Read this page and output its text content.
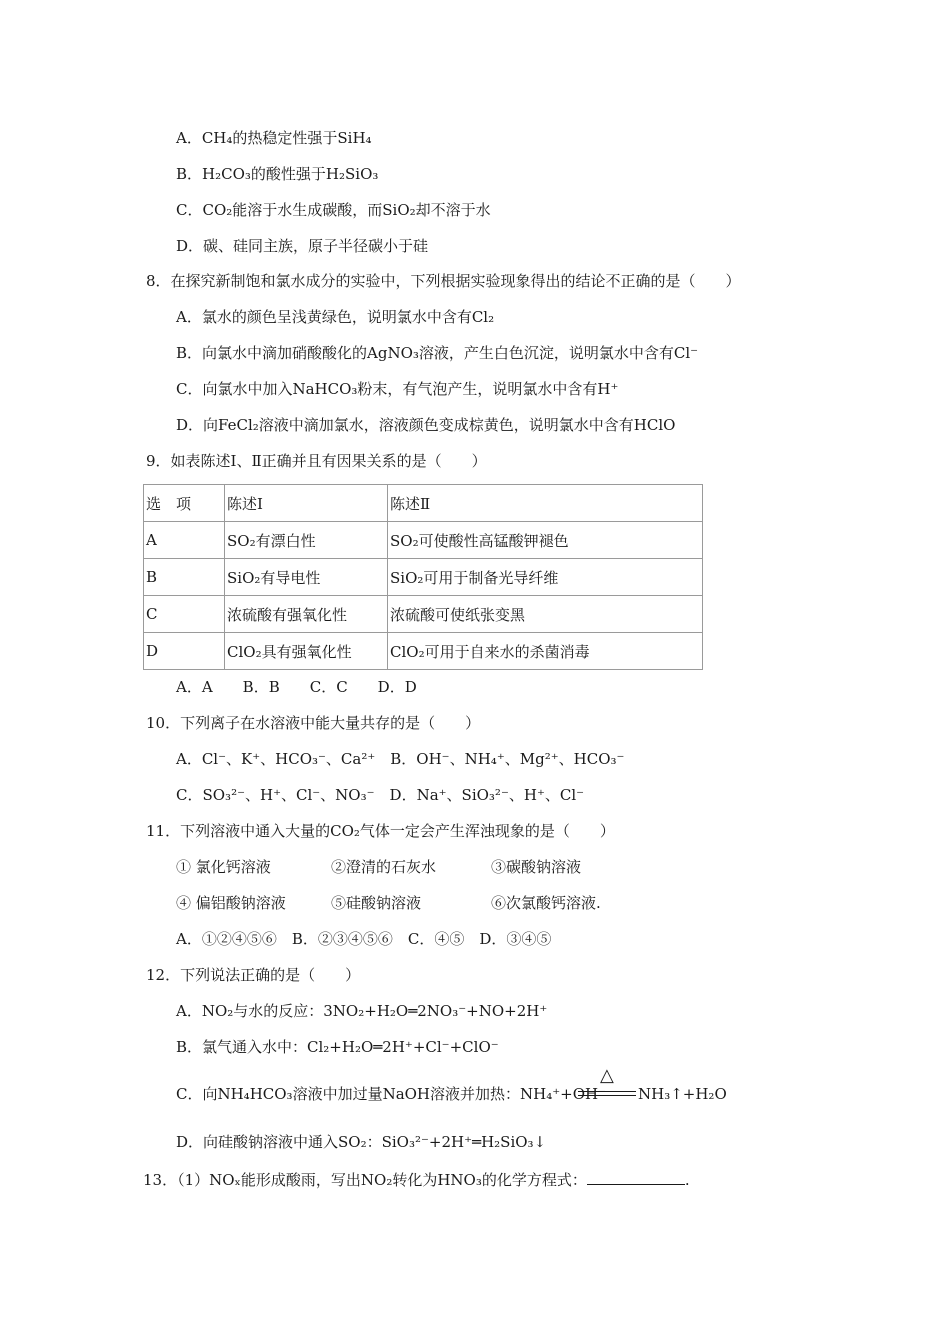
A．CH₄的热稳定性强于SiH₄
B．H₂CO₃的酸性强于H₂SiO₃
C．CO₂能溶于水生成碳酸，而SiO₂却不溶于水
D．碳、硅同主族，原子半径碳小于硅
8．在探究新制饱和氯水成分的实验中，下列根据实验现象得出的结论不正确的是（　　）
A．氯水的颜色呈浅黄绿色，说明氯水中含有Cl₂
B．向氯水中滴加硝酸酸化的AgNO₃溶液，产生白色沉淀，说明氯水中含有Cl⁻
C．向氯水中加入NaHCO₃粉末，有气泡产生，说明氯水中含有H⁺
D．向FeCl₂溶液中滴加氯水，溶液颜色变成棕黄色，说明氯水中含有HClO
9．如表陈述Ⅰ、Ⅱ正确并且有因果关系的是（　　）
选　项	陈述Ⅰ	陈述Ⅱ
A	SO₂有漂白性	SO₂可使酸性高锰酸钾褪色
B	SiO₂有导电性	SiO₂可用于制备光导纤维
C	浓硫酸有强氧化性	浓硫酸可使纸张变黑
D	ClO₂具有强氧化性	ClO₂可用于自来水的杀菌消毒
A．A　　B．B　　C．C　　D．D
10．下列离子在水溶液中能大量共存的是（　　）
A．Cl⁻、K⁺、HCO₃⁻、Ca²⁺　B．OH⁻、NH₄⁺、Mg²⁺、HCO₃⁻
C．SO₃²⁻、H⁺、Cl⁻、NO₃⁻　D．Na⁺、SiO₃²⁻、H⁺、Cl⁻
11．下列溶液中通入大量的CO₂气体一定会产生浑浊现象的是（　　）
① 氯化钙溶液	②澄清的石灰水	③碳酸钠溶液
④ 偏铝酸钠溶液	⑤硅酸钠溶液	⑥次氯酸钙溶液.
A．①②④⑤⑥　B．②③④⑤⑥　C．④⑤　D．③④⑤
12．下列说法正确的是（　　）
A．NO₂与水的反应：3NO₂+H₂O═2NO₃⁻+NO+2H⁺
B．氯气通入水中：Cl₂+H₂O═2H⁺+Cl⁻+ClO⁻
C．向NH₄HCO₃溶液中加过量NaOH溶液并加热：NH₄⁺+OH⁻
△
NH₃↑+H₂O
D．向硅酸钠溶液中通入SO₂：SiO₃²⁻+2H⁺═H₂SiO₃↓
13．（1）NOₓ能形成酸雨，写出NO₂转化为HNO₃的化学方程式：	.
